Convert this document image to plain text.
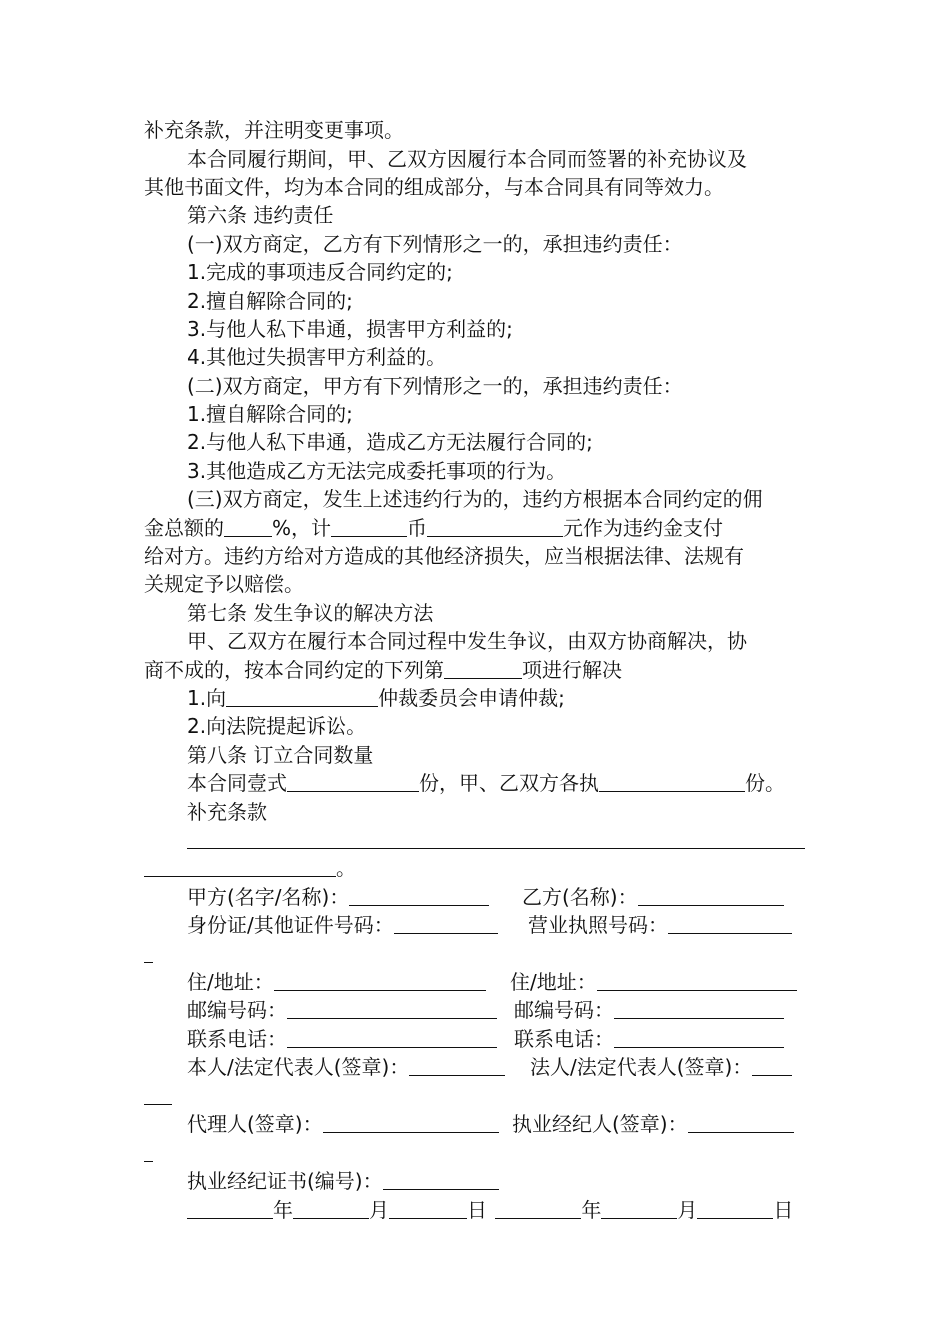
补充条款，并注明变更事项。
本合同履行期间，甲、乙双方因履行本合同而签署的补充协议及
其他书面文件，均为本合同的组成部分，与本合同具有同等效力。
第六条 违约责任
(一)双方商定，乙方有下列情形之一的，承担违约责任：
1.完成的事项违反合同约定的;
2.擅自解除合同的;
3.与他人私下串通，损害甲方利益的;
4.其他过失损害甲方利益的。
(二)双方商定，甲方有下列情形之一的，承担违约责任：
1.擅自解除合同的;
2.与他人私下串通，造成乙方无法履行合同的;
3.其他造成乙方无法完成委托事项的行为。
(三)双方商定，发生上述违约行为的，违约方根据本合同约定的佣
金总额的 %，计	币	元作为违约金支付
给对方。违约方给对方造成的其他经济损失，应当根据法律、法规有
关规定予以赔偿。
第七条 发生争议的解决方法
甲、乙双方在履行本合同过程中发生争议，由双方协商解决，协
商不成的，按本合同约定的下列第	项进行解决
1.向	仲裁委员会申请仲裁;
2.向法院提起诉讼。
第八条 订立合同数量
本合同壹式	份，甲、乙双方各执	份。
补充条款
。
甲方(名字/名称)：	乙方(名称)：
身份证/其他证件号码：	营业执照号码：
住/地址：	住/地址：
邮编号码：	邮编号码：
联系电话：	联系电话：
本人/法定代表人(签章)：	法人/法定代表人(签章)：
代理人(签章)：	执业经纪人(签章)：
执业经纪证书(编号)：
年	月	日	年	月	日
